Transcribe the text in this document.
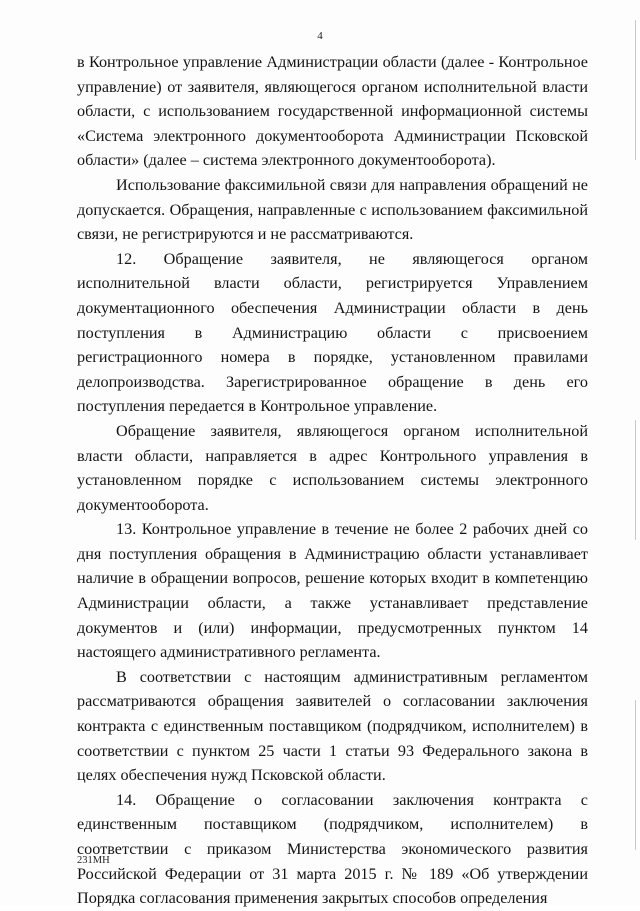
4

в Контрольное управление Администрации области (далее - Контрольное управление) от заявителя, являющегося органом исполнительной власти области, с использованием государственной информационной системы «Система электронного документооборота Администрации Псковской области» (далее – система электронного документооборота).

Использование факсимильной связи для направления обращений не допускается. Обращения, направленные с использованием факсимильной связи, не регистрируются и не рассматриваются.

12. Обращение заявителя, не являющегося органом исполнительной власти области, регистрируется Управлением документационного обеспечения Администрации области в день поступления в Администрацию области с присвоением регистрационного номера в порядке, установленном правилами делопроизводства. Зарегистрированное обращение в день его поступления передается в Контрольное управление.

Обращение заявителя, являющегося органом исполнительной власти области, направляется в адрес Контрольного управления в установленном порядке с использованием системы электронного документооборота.

13. Контрольное управление в течение не более 2 рабочих дней со дня поступления обращения в Администрацию области устанавливает наличие в обращении вопросов, решение которых входит в компетенцию Администрации области, а также устанавливает представление документов и (или) информации, предусмотренных пунктом 14 настоящего административного регламента.

В соответствии с настоящим административным регламентом рассматриваются обращения заявителей о согласовании заключения контракта с единственным поставщиком (подрядчиком, исполнителем) в соответствии с пунктом 25 части 1 статьи 93 Федерального закона в целях обеспечения нужд Псковской области.

14. Обращение о согласовании заключения контракта с единственным поставщиком (подрядчиком, исполнителем) в соответствии с приказом Министерства экономического развития Российской Федерации от 31 марта 2015 г. № 189 «Об утверждении Порядка согласования применения закрытых способов определения

231МН
